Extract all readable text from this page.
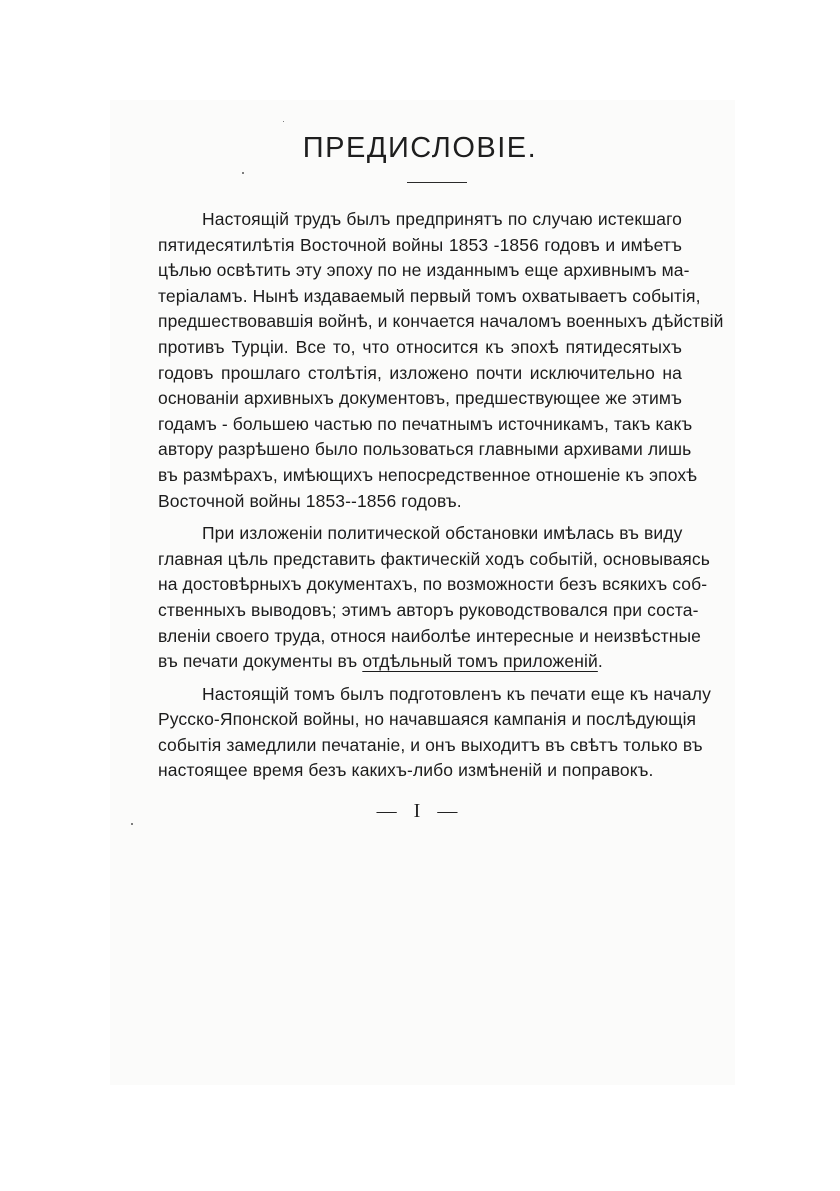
ПРЕДИСЛОВІЕ.

Настоящій трудъ былъ предпринятъ по случаю истекшаго
пятидесятилѣтія Восточной войны 1853 -1856 годовъ и имѣетъ
цѣлью освѣтить эту эпоху по не изданнымъ еще архивнымъ ма-
теріаламъ. Нынѣ издаваемый первый томъ охватываетъ событія,
предшествовавшія войнѣ, и кончается началомъ военныхъ дѣйствій
противъ Турціи. Все то, что относится къ эпохѣ пятидесятыхъ
годовъ прошлаго столѣтія, изложено почти исключительно на
основаніи архивныхъ документовъ, предшествующее же этимъ
годамъ - большею частью по печатнымъ источникамъ, такъ какъ
автору разрѣшено было пользоваться главными архивами лишь
въ размѣрахъ, имѣющихъ непосредственное отношеніе къ эпохѣ
Восточной войны 1853--1856 годовъ.

При изложеніи политической обстановки имѣлась въ виду
главная цѣль представить фактическій ходъ событій, основываясь
на достовѣрныхъ документахъ, по возможности безъ всякихъ соб-
ственныхъ выводовъ; этимъ авторъ руководствовался при соста-
вленіи своего труда, относя наиболѣе интересные и неизвѣстные
въ печати документы въ отдѣльный томъ приложеній.

Настоящій томъ былъ подготовленъ къ печати еще къ началу
Русско-Японской войны, но начавшаяся кампанія и послѣдующія
событія замедлили печатаніе, и онъ выходитъ въ свѣтъ только въ
настоящее время безъ какихъ-либо измѣненій и поправокъ.

— I —
